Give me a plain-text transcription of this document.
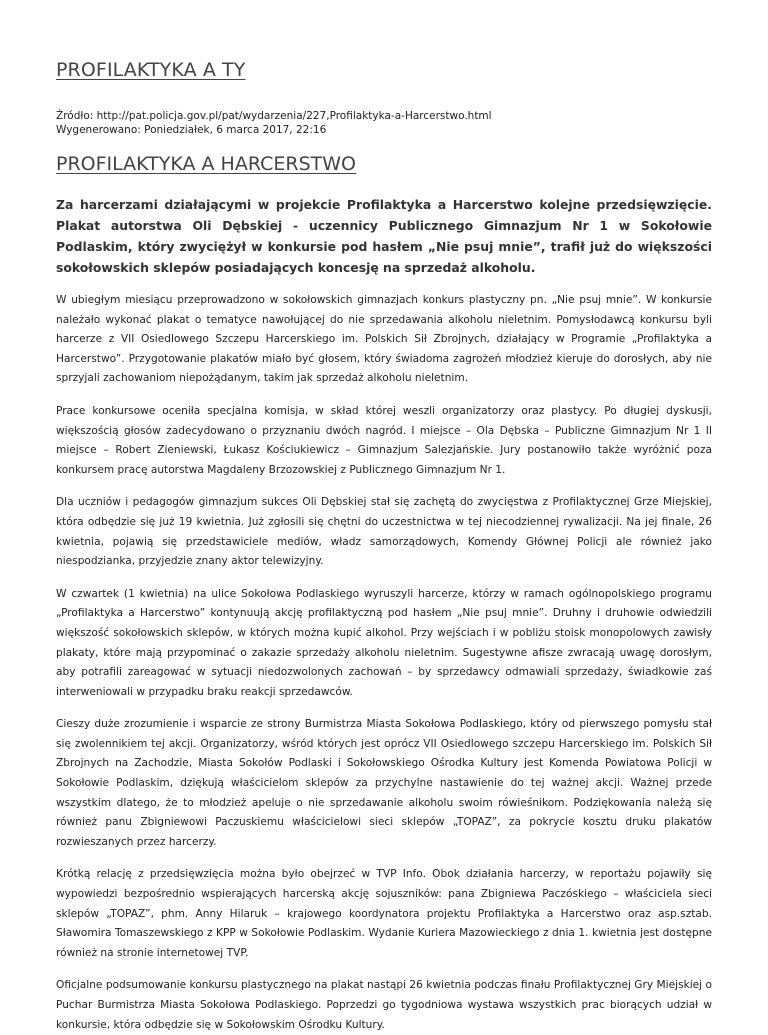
PROFILAKTYKA A TY
Źródło: http://pat.policja.gov.pl/pat/wydarzenia/227,Profilaktyka-a-Harcerstwo.html
Wygenerowano: Poniedziałek, 6 marca 2017, 22:16
PROFILAKTYKA A HARCERSTWO
Za harcerzami działającymi w projekcie Profilaktyka a Harcerstwo kolejne przedsięwzięcie. Plakat autorstwa Oli Dębskiej - uczennicy Publicznego Gimnazjum Nr 1 w Sokołowie Podlaskim, który zwyciężył w konkursie pod hasłem „Nie psuj mnie”, trafił już do większości sokołowskich sklepów posiadających koncesję na sprzedaż alkoholu.

W ubiegłym miesiącu przeprowadzono w sokołowskich gimnazjach konkurs plastyczny pn. „Nie psuj mnie”. W konkursie należało wykonać plakat o tematyce nawołującej do nie sprzedawania alkoholu nieletnim. Pomysłodawcą konkursu byli harcerze z VII Osiedlowego Szczepu Harcerskiego im. Polskich Sił Zbrojnych, działający w Programie „Profilaktyka a Harcerstwo”. Przygotowanie plakatów miało być głosem, który świadoma zagrożeń młodzież kieruje do dorosłych, aby nie sprzyjali zachowaniom niepożądanym, takim jak sprzedaż alkoholu nieletnim.

Prace konkursowe oceniła specjalna komisja, w skład której weszli organizatorzy oraz plastycy. Po długiej dyskusji, większością głosów zadecydowano o przyznaniu dwóch nagród. I miejsce – Ola Dębska – Publiczne Gimnazjum Nr 1 II miejsce – Robert Zieniewski, Łukasz Kościukiewicz – Gimnazjum Salezjańskie. Jury postanowiło także wyróżnić poza konkursem pracę autorstwa Magdaleny Brzozowskiej z Publicznego Gimnazjum Nr 1.

Dla uczniów i pedagogów gimnazjum sukces Oli Dębskiej stał się zachętą do zwycięstwa z Profilaktycznej Grze Miejskiej, która odbędzie się już 19 kwietnia. Już zgłosili się chętni do uczestnictwa w tej niecodziennej rywalizacji. Na jej finale, 26 kwietnia, pojawią się przedstawiciele mediów, władz samorządowych, Komendy Głównej Policji ale również jako niespodzianka, przyjedzie znany aktor telewizyjny.

W czwartek (1 kwietnia) na ulice Sokołowa Podlaskiego wyruszyli harcerze, którzy w ramach ogólnopolskiego programu „Profilaktyka a Harcerstwo” kontynuują akcję profilaktyczną pod hasłem „Nie psuj mnie”. Druhny i druhowie odwiedzili większość sokołowskich sklepów, w których można kupić alkohol. Przy wejściach i w pobliżu stoisk monopolowych zawisły plakaty, które mają przypominać o zakazie sprzedaży alkoholu nieletnim. Sugestywne afisze zwracają uwagę dorosłym, aby potrafili zareagować w sytuacji niedozwolonych zachowań – by sprzedawcy odmawiali sprzedaży, świadkowie zaś interweniowali w przypadku braku reakcji sprzedawców.

Cieszy duże zrozumienie i wsparcie ze strony Burmistrza Miasta Sokołowa Podlaskiego, który od pierwszego pomysłu stał się zwolennikiem tej akcji. Organizatorzy, wśród których jest oprócz VII Osiedlowego szczepu Harcerskiego im. Polskich Sił Zbrojnych na Zachodzie, Miasta Sokołów Podlaski i Sokołowskiego Ośrodka Kultury jest Komenda Powiatowa Policji w Sokołowie Podlaskim, dziękują właścicielom sklepów za przychylne nastawienie do tej ważnej akcji. Ważnej przede wszystkim dlatego, że to młodzież apeluje o nie sprzedawanie alkoholu swoim rówieśnikom. Podziękowania należą się również panu Zbigniewowi Paczuskiemu właścicielowi sieci sklepów „TOPAZ”, za pokrycie kosztu druku plakatów rozwieszanych przez harcerzy.

Krótką relację z przedsięwzięcia można było obejrzeć w TVP Info. Obok działania harcerzy, w reportażu pojawiły się wypowiedzi bezpośrednio wspierających harcerską akcję sojuszników: pana Zbigniewa Paczóskiego – właściciela sieci sklepów „TOPAZ”, phm. Anny Hilaruk – krajowego koordynatora projektu Profilaktyka a Harcerstwo oraz asp.sztab. Sławomira Tomaszewskiego z KPP w Sokołowie Podlaskim. Wydanie Kuriera Mazowieckiego z dnia 1. kwietnia jest dostępne również na stronie internetowej TVP.

Oficjalne podsumowanie konkursu plastycznego na plakat nastąpi 26 kwietnia podczas finału Profilaktycznej Gry Miejskiej o Puchar Burmistrza Miasta Sokołowa Podlaskiego. Poprzedzi go tygodniowa wystawa wszystkich prac biorących udział w konkursie, która odbędzie się w Sokołowskim Ośrodku Kultury.
